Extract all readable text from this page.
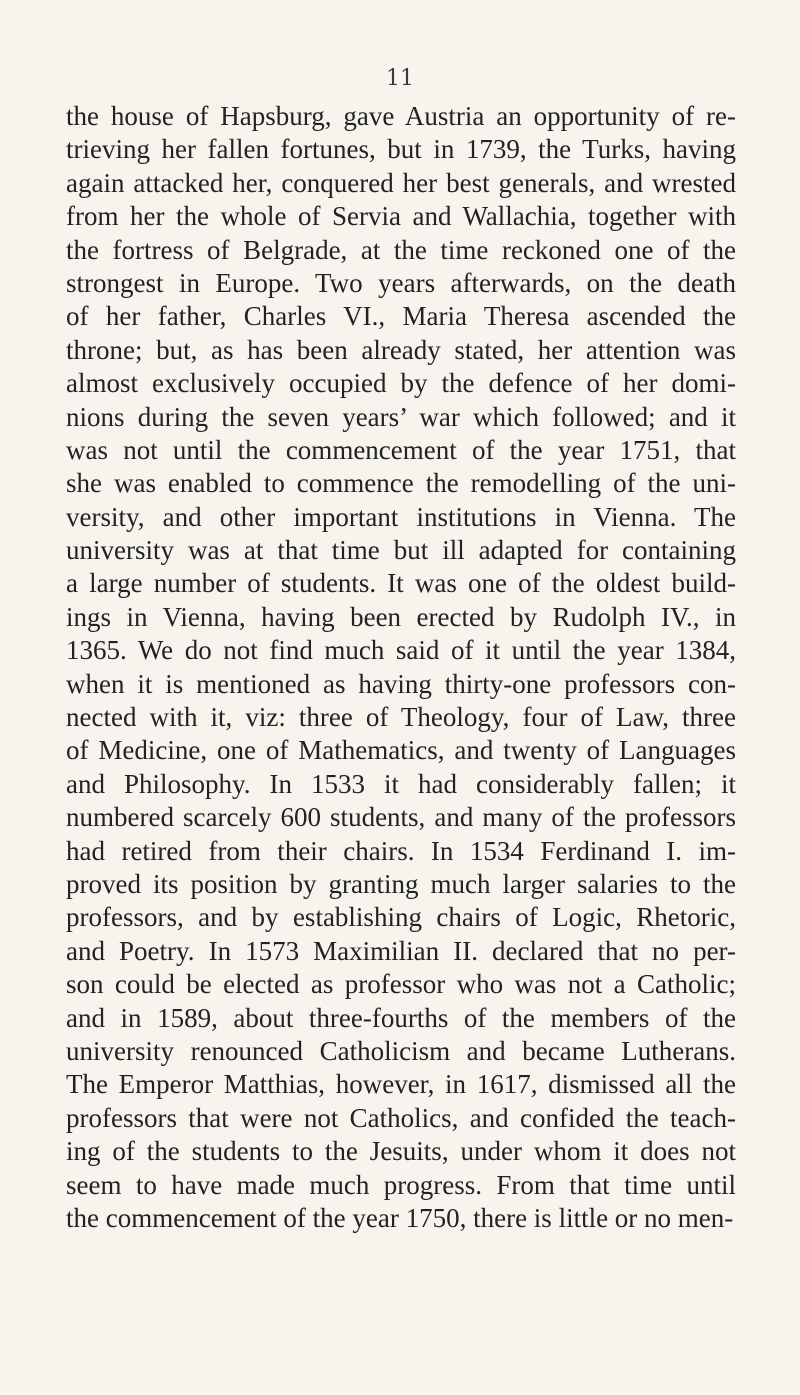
11
the house of Hapsburg, gave Austria an opportunity of re-
trieving her fallen fortunes, but in 1739, the Turks, having
again attacked her, conquered her best generals, and wrested
from her the whole of Servia and Wallachia, together with
the fortress of Belgrade, at the time reckoned one of the
strongest in Europe. Two years afterwards, on the death
of her father, Charles VI., Maria Theresa ascended the
throne; but, as has been already stated, her attention was
almost exclusively occupied by the defence of her domi-
nions during the seven years’ war which followed; and it
was not until the commencement of the year 1751, that
she was enabled to commence the remodelling of the uni-
versity, and other important institutions in Vienna. The
university was at that time but ill adapted for containing
a large number of students. It was one of the oldest build-
ings in Vienna, having been erected by Rudolph IV., in
1365. We do not find much said of it until the year 1384,
when it is mentioned as having thirty-one professors con-
nected with it, viz: three of Theology, four of Law, three
of Medicine, one of Mathematics, and twenty of Languages
and Philosophy. In 1533 it had considerably fallen; it
numbered scarcely 600 students, and many of the professors
had retired from their chairs. In 1534 Ferdinand I. im-
proved its position by granting much larger salaries to the
professors, and by establishing chairs of Logic, Rhetoric,
and Poetry. In 1573 Maximilian II. declared that no per-
son could be elected as professor who was not a Catholic;
and in 1589, about three-fourths of the members of the
university renounced Catholicism and became Lutherans.
The Emperor Matthias, however, in 1617, dismissed all the
professors that were not Catholics, and confided the teach-
ing of the students to the Jesuits, under whom it does not
seem to have made much progress. From that time until
the commencement of the year 1750, there is little or no men-
